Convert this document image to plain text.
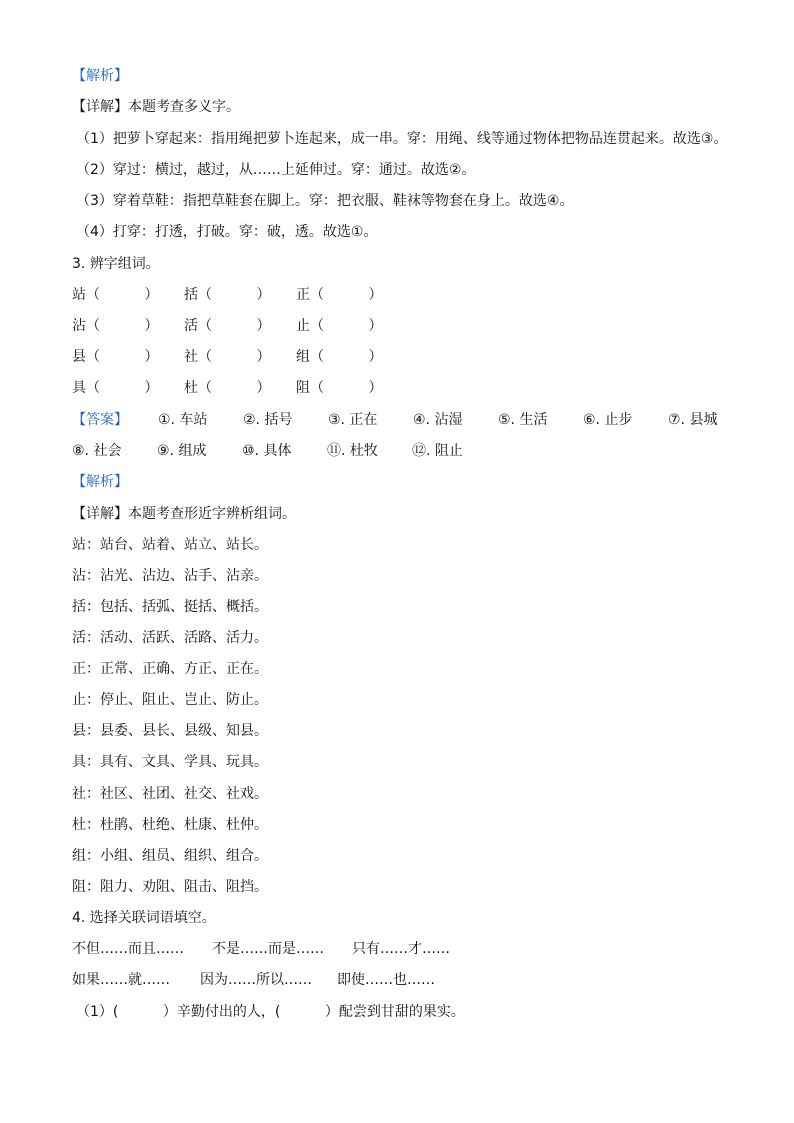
【解析】
【详解】本题考查多义字。
（1）把萝卜穿起来：指用绳把萝卜连起来，成一串。穿：用绳、线等通过物体把物品连贯起来。故选③。
（2）穿过：横过，越过，从……上延伸过。穿：通过。故选②。
（3）穿着草鞋：指把草鞋套在脚上。穿：把衣服、鞋袜等物套在身上。故选④。
（4）打穿：打透，打破。穿：破，透。故选①。
3. 辨字组词。
站（          ） 括（          ） 正（          ）
沾（          ） 活（          ） 止（          ）
县（          ） 社（          ） 组（          ）
具（          ） 杜（          ） 阻（          ）
【答案】 ①. 车站	②. 括号	③. 正在	④. 沾湿	⑤. 生活	⑥. 止步	⑦. 县城
⑧. 社会	⑨. 组成	⑩. 具体	⑪. 杜牧 ⑫. 阻止
【解析】
【详解】本题考查形近字辨析组词。
站：站台、站着、站立、站长。
沾：沾光、沾边、沾手、沾亲。
括：包括、括弧、挺括、概括。
活：活动、活跃、活路、活力。
正：正常、正确、方正、正在。
止：停止、阻止、岂止、防止。
县：县委、县长、县级、知县。
具：具有、文具、学具、玩具。
社：社区、社团、社交、社戏。
杜：杜鹃、杜绝、杜康、杜仲。
组：小组、组员、组织、组合。
阻：阻力、劝阻、阻击、阻挡。
4. 选择关联词语填空。
不但……而且…… 不是……而是…… 只有……才……
如果……就…… 因为……所以…… 即使……也……
（1）(          ）辛勤付出的人，(          ）配尝到甘甜的果实。
